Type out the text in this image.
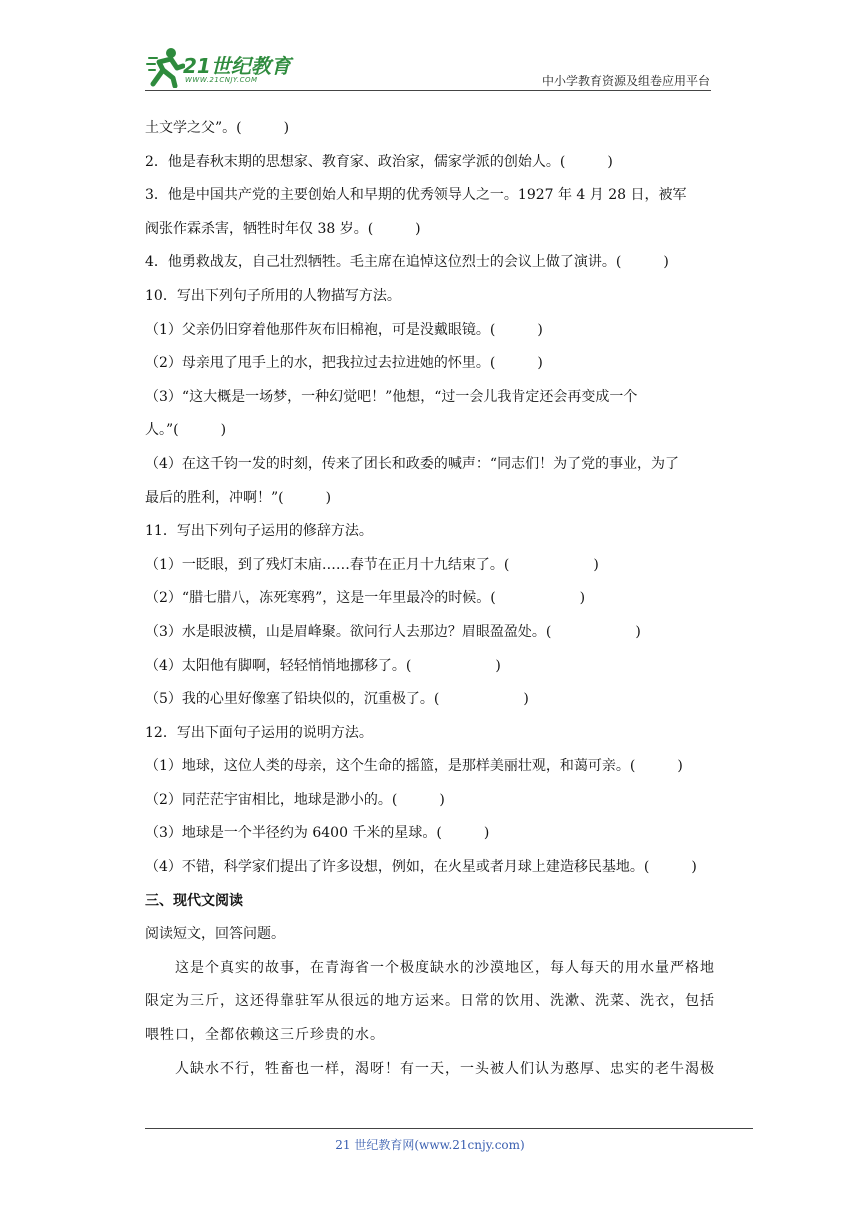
21世纪教育
WWW.21CNJY.COM	中小学教育资源及组卷应用平台
土文学之父”。(　　　)
2．他是春秋末期的思想家、教育家、政治家，儒家学派的创始人。(　　　)
3．他是中国共产党的主要创始人和早期的优秀领导人之一。1927 年 4 月 28 日，被军
阀张作霖杀害，牺牲时年仅 38 岁。(　　　)
4．他勇救战友，自己壮烈牺牲。毛主席在追悼这位烈士的会议上做了演讲。(　　　)
10．写出下列句子所用的人物描写方法。
（1）父亲仍旧穿着他那件灰布旧棉袍，可是没戴眼镜。(　　　)
（2）母亲甩了甩手上的水，把我拉过去拉进她的怀里。(　　　)
（3）“这大概是一场梦，一种幻觉吧！”他想，“过一会儿我肯定还会再变成一个
人。”(　　　)
（4）在这千钧一发的时刻，传来了团长和政委的喊声：“同志们！为了党的事业，为了
最后的胜利，冲啊！”(　　　)
11．写出下列句子运用的修辞方法。
（1）一眨眼，到了残灯末庙……春节在正月十九结束了。(　　　　　　)
（2）“腊七腊八，冻死寒鸦”，这是一年里最冷的时候。(　　　　　　)
（3）水是眼波横，山是眉峰聚。欲问行人去那边？眉眼盈盈处。(　　　　　　)
（4）太阳他有脚啊，轻轻悄悄地挪移了。(　　　　　　)
（5）我的心里好像塞了铅块似的，沉重极了。(　　　　　　)
12．写出下面句子运用的说明方法。
（1）地球，这位人类的母亲，这个生命的摇篮，是那样美丽壮观，和蔼可亲。(　　　)
（2）同茫茫宇宙相比，地球是渺小的。(　　　)
（3）地球是一个半径约为 6400 千米的星球。(　　　)
（4）不错，科学家们提出了许多设想，例如，在火星或者月球上建造移民基地。(　　　)
三、现代文阅读
阅读短文，回答问题。
这是个真实的故事，在青海省一个极度缺水的沙漠地区，每人每天的用水量严格地
限定为三斤，这还得靠驻军从很远的地方运来。日常的饮用、洗漱、洗菜、洗衣，包括
喂牲口，全都依赖这三斤珍贵的水。
人缺水不行，牲畜也一样，渴呀！有一天，一头被人们认为憨厚、忠实的老牛渴极
21 世纪教育网(www.21cnjy.com)
